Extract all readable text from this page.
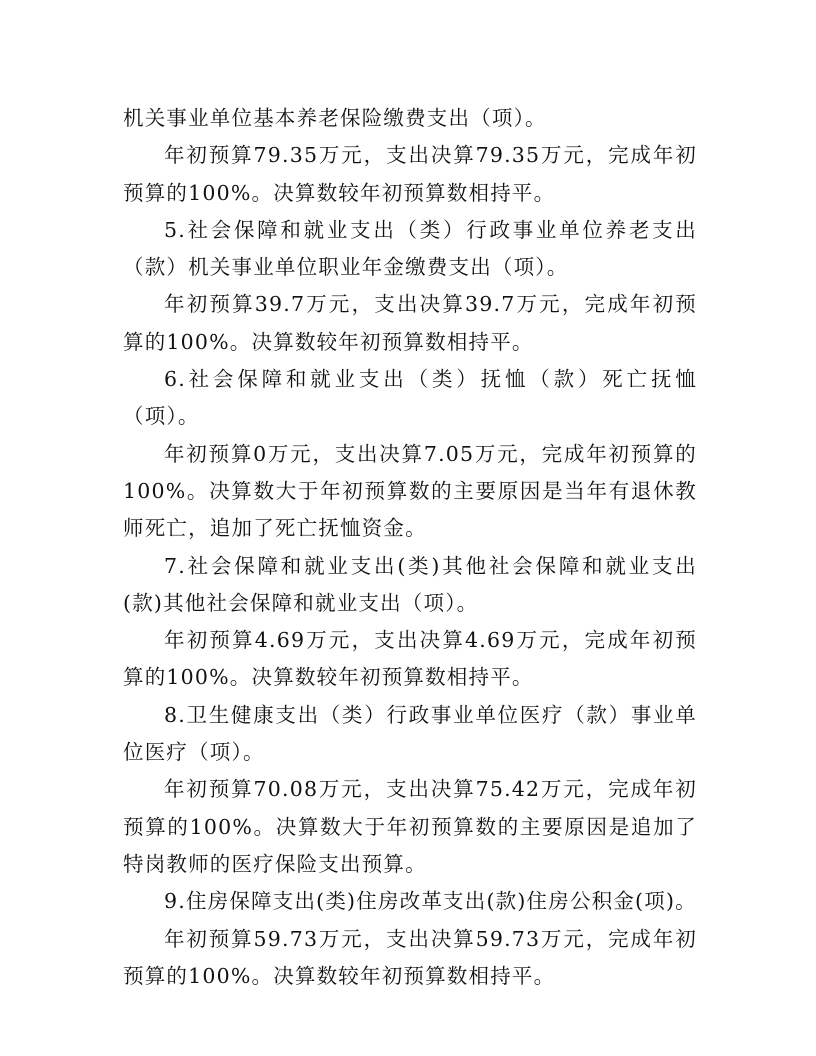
机关事业单位基本养老保险缴费支出（项）。

年初预算79.35万元，支出决算79.35万元，完成年初预算的100%。决算数较年初预算数相持平。

5.社会保障和就业支出（类）行政事业单位养老支出（款）机关事业单位职业年金缴费支出（项）。

年初预算39.7万元，支出决算39.7万元，完成年初预算的100%。决算数较年初预算数相持平。

6.社会保障和就业支出（类）抚恤（款）死亡抚恤（项）。

年初预算0万元，支出决算7.05万元，完成年初预算的100%。决算数大于年初预算数的主要原因是当年有退休教师死亡，追加了死亡抚恤资金。

7.社会保障和就业支出(类)其他社会保障和就业支出(款)其他社会保障和就业支出（项）。

年初预算4.69万元，支出决算4.69万元，完成年初预算的100%。决算数较年初预算数相持平。

8.卫生健康支出（类）行政事业单位医疗（款）事业单位医疗（项）。

年初预算70.08万元，支出决算75.42万元，完成年初预算的100%。决算数大于年初预算数的主要原因是追加了特岗教师的医疗保险支出预算。

9.住房保障支出(类)住房改革支出(款)住房公积金(项)。

年初预算59.73万元，支出决算59.73万元，完成年初预算的100%。决算数较年初预算数相持平。
